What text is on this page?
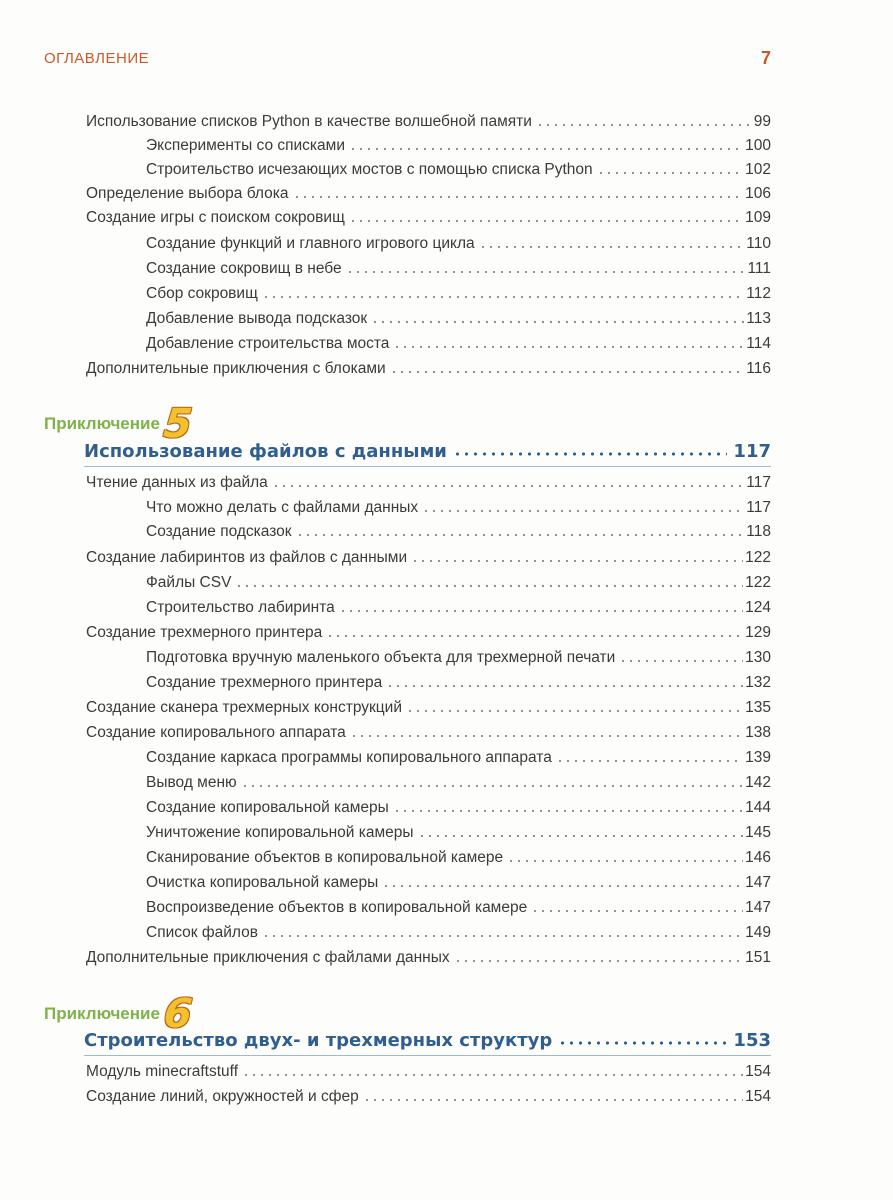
ОГЛАВЛЕНИЕ	7
Использование списков Python в качестве волшебной памяти	99
Эксперименты со списками	100
Строительство исчезающих мостов с помощью списка Python	102
Определение выбора блока	106
Создание игры с поиском сокровищ	109
Создание функций и главного игрового цикла	110
Создание сокровищ в небе	111
Сбор сокровищ	112
Добавление вывода подсказок	113
Добавление строительства моста	114
Дополнительные приключения с блоками	116
Приключение 5
Использование файлов с данными	117
Чтение данных из файла	117
Что можно делать с файлами данных	117
Создание подсказок	118
Создание лабиринтов из файлов с данными	122
Файлы CSV	122
Строительство лабиринта	124
Создание трехмерного принтера	129
Подготовка вручную маленького объекта для трехмерной печати	130
Создание трехмерного принтера	132
Создание сканера трехмерных конструкций	135
Создание копировального аппарата	138
Создание каркаса программы копировального аппарата	139
Вывод меню	142
Создание копировальной камеры	144
Уничтожение копировальной камеры	145
Сканирование объектов в копировальной камере	146
Очистка копировальной камеры	147
Воспроизведение объектов в копировальной камере	147
Список файлов	149
Дополнительные приключения с файлами данных	151
Приключение 6
Строительство двух- и трехмерных структур	153
Модуль minecraftstuff	154
Создание линий, окружностей и сфер	154
